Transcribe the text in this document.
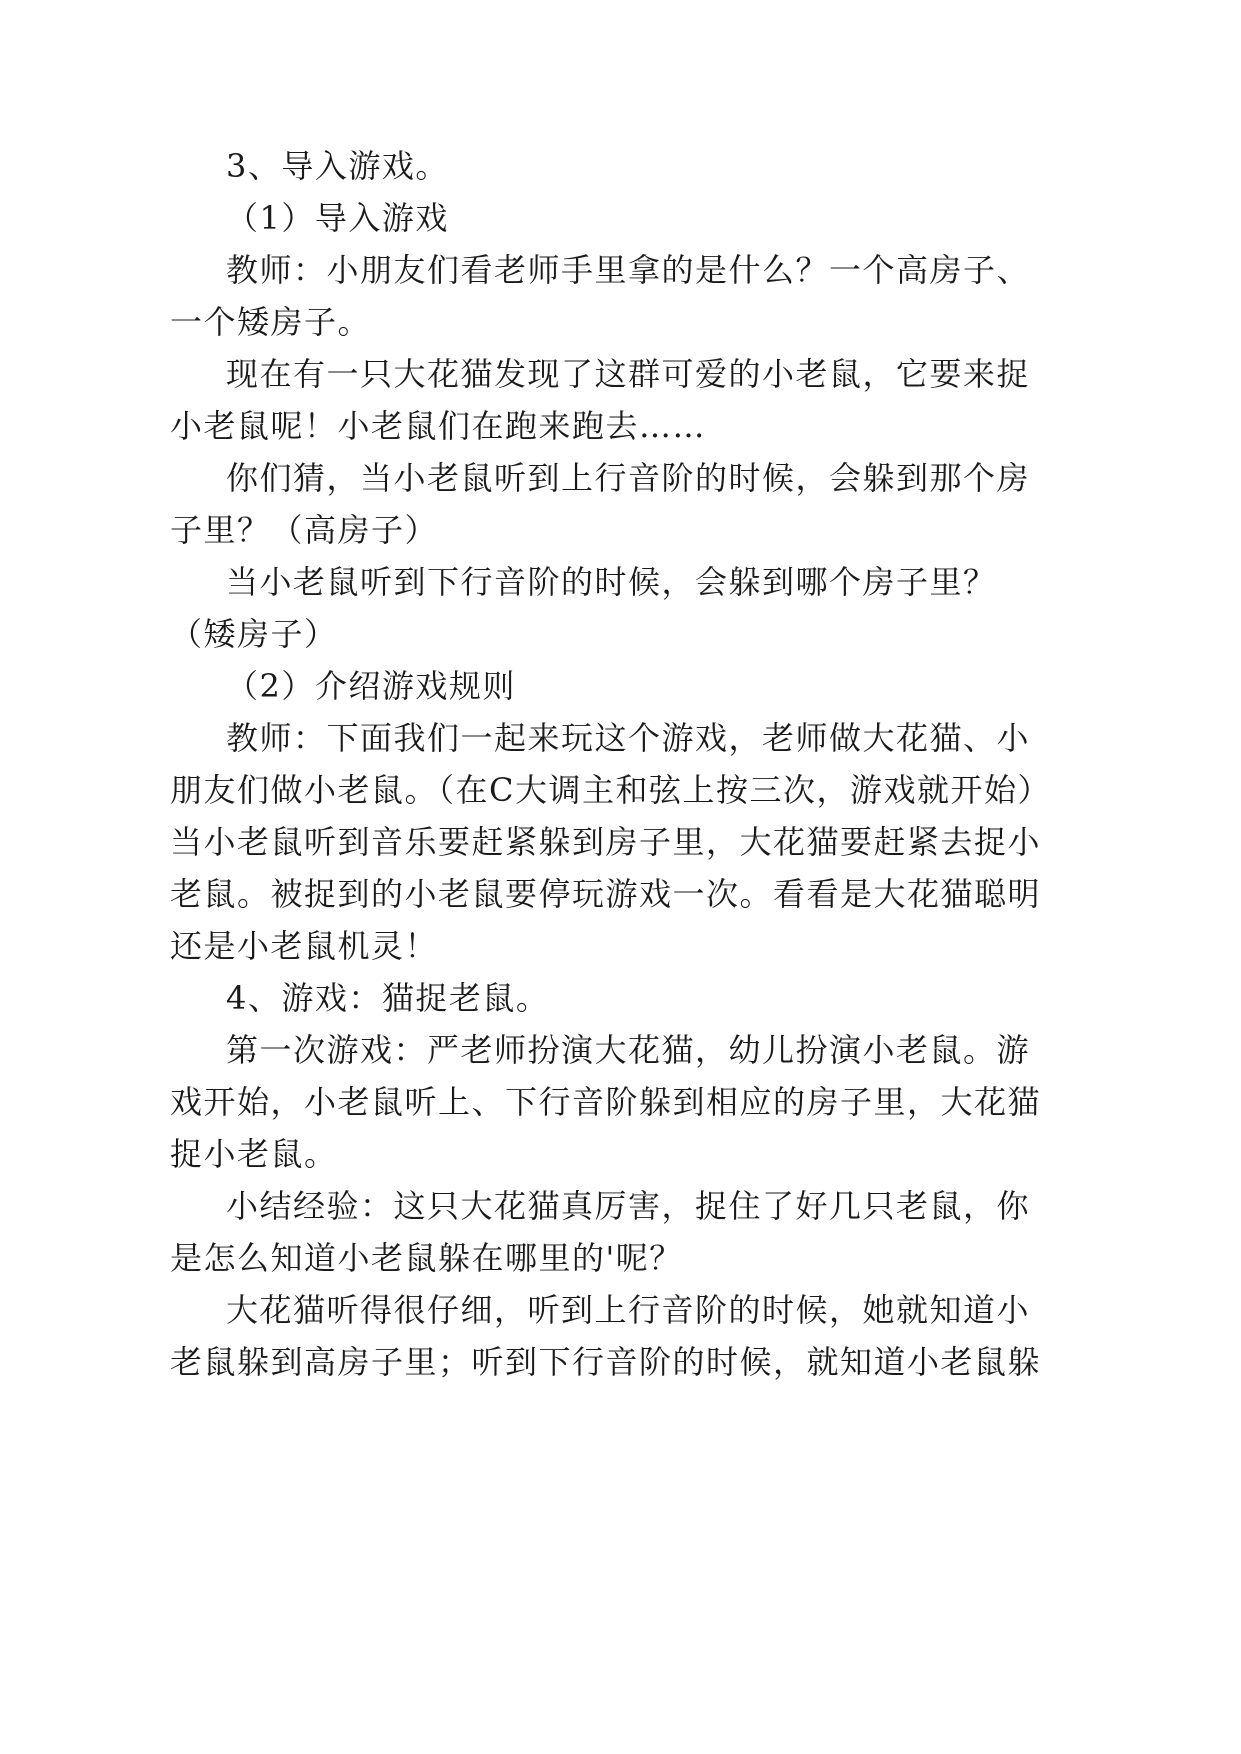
3、导入游戏。
（1）导入游戏
教师：小朋友们看老师手里拿的是什么？一个高房子、
一个矮房子。
现在有一只大花猫发现了这群可爱的小老鼠，它要来捉
小老鼠呢！小老鼠们在跑来跑去……
你们猜，当小老鼠听到上行音阶的时候，会躲到那个房
子里？（高房子）
当小老鼠听到下行音阶的时候，会躲到哪个房子里？
（矮房子）
（2）介绍游戏规则
教师：下面我们一起来玩这个游戏，老师做大花猫、小
朋友们做小老鼠。（在C大调主和弦上按三次，游戏就开始）
当小老鼠听到音乐要赶紧躲到房子里，大花猫要赶紧去捉小
老鼠。被捉到的小老鼠要停玩游戏一次。看看是大花猫聪明
还是小老鼠机灵！
4、游戏：猫捉老鼠。
第一次游戏：严老师扮演大花猫，幼儿扮演小老鼠。游
戏开始，小老鼠听上、下行音阶躲到相应的房子里，大花猫
捉小老鼠。
小结经验：这只大花猫真厉害，捉住了好几只老鼠，你
是怎么知道小老鼠躲在哪里的'呢？
大花猫听得很仔细，听到上行音阶的时候，她就知道小
老鼠躲到高房子里；听到下行音阶的时候，就知道小老鼠躲
